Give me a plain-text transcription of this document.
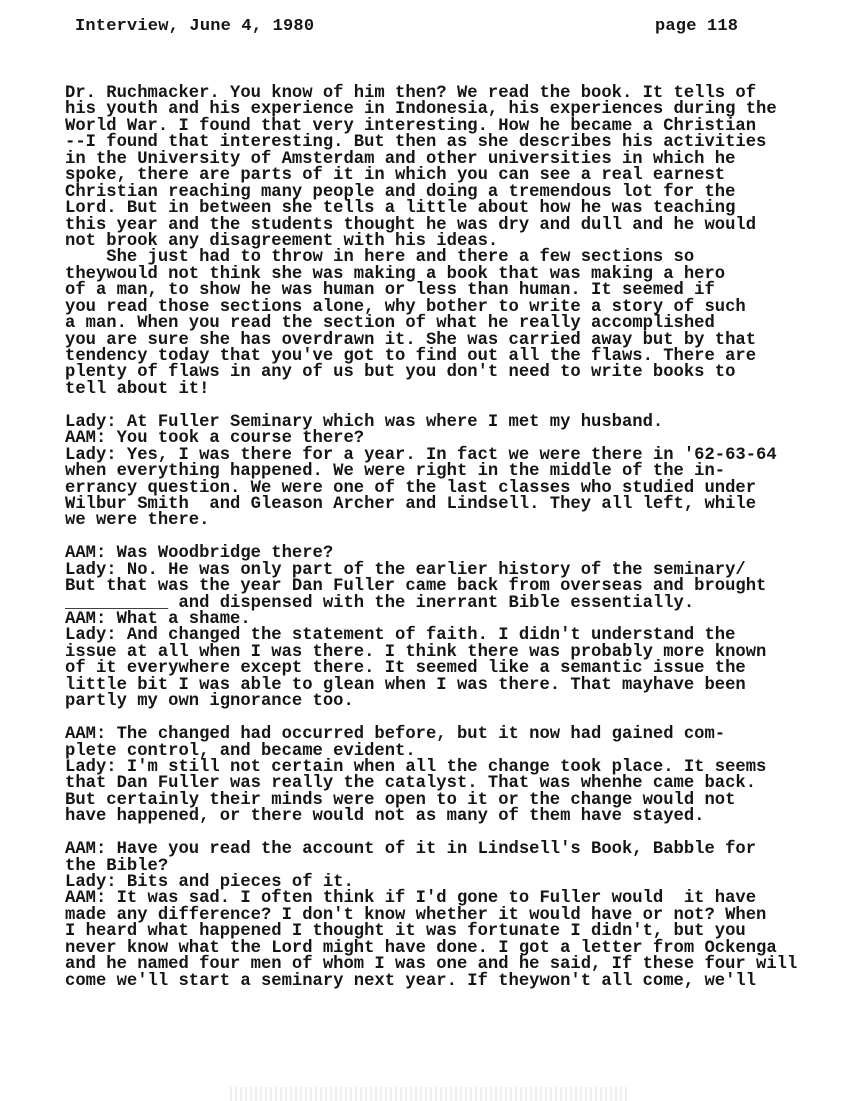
Interview, June 4, 1980	page 118
Dr. Ruchmacker. You know of him then? We read the book. It tells of
his youth and his experience in Indonesia, his experiences during the
World War. I found that very interesting. How he became a Christian
--I found that interesting. But then as she describes his activities
in the University of Amsterdam and other universities in which he
spoke, there are parts of it in which you can see a real earnest
Christian reaching many people and doing a tremendous lot for the
Lord. But in between she tells a little about how he was teaching
this year and the students thought he was dry and dull and he would
not brook any disagreement with his ideas.
She just had to throw in here and there a few sections so
theywould not think she was making a book that was making a hero
of a man, to show he was human or less than human. It seemed if
you read those sections alone, why bother to write a story of such
a man. When you read the section of what he really accomplished
you are sure she has overdrawn it. She was carried away but by that
tendency today that you've got to find out all the flaws. There are
plenty of flaws in any of us but you don't need to write books to
tell about it!
Lady: At Fuller Seminary which was where I met my husband.
AAM: You took a course there?
Lady: Yes, I was there for a year. In fact we were there in '62-63-64
when everything happened. We were right in the middle of the in-
errancy question. We were one of the last classes who studied under
Wilbur Smith  and Gleason Archer and Lindsell. They all left, while
we were there.
AAM: Was Woodbridge there?
Lady: No. He was only part of the earlier history of the seminary/
But that was the year Dan Fuller came back from overseas and brought
__________ and dispensed with the inerrant Bible essentially.
AAM: What a shame.
Lady: And changed the statement of faith. I didn't understand the
issue at all when I was there. I think there was probably more known
of it everywhere except there. It seemed like a semantic issue the
little bit I was able to glean when I was there. That mayhave been
partly my own ignorance too.
AAM: The changed had occurred before, but it now had gained com-
plete control, and became evident.
Lady: I'm still not certain when all the change took place. It seems
that Dan Fuller was really the catalyst. That was whenhe came back.
But certainly their minds were open to it or the change would not
have happened, or there would not as many of them have stayed.
AAM: Have you read the account of it in Lindsell's Book, Babble for
the Bible?
Lady: Bits and pieces of it.
AAM: It was sad. I often think if I'd gone to Fuller would  it have
made any difference? I don't know whether it would have or not? When
I heard what happened I thought it was fortunate I didn't, but you
never know what the Lord might have done. I got a letter from Ockenga
and he named four men of whom I was one and he said, If these four will
come we'll start a seminary next year. If theywon't all come, we'll
